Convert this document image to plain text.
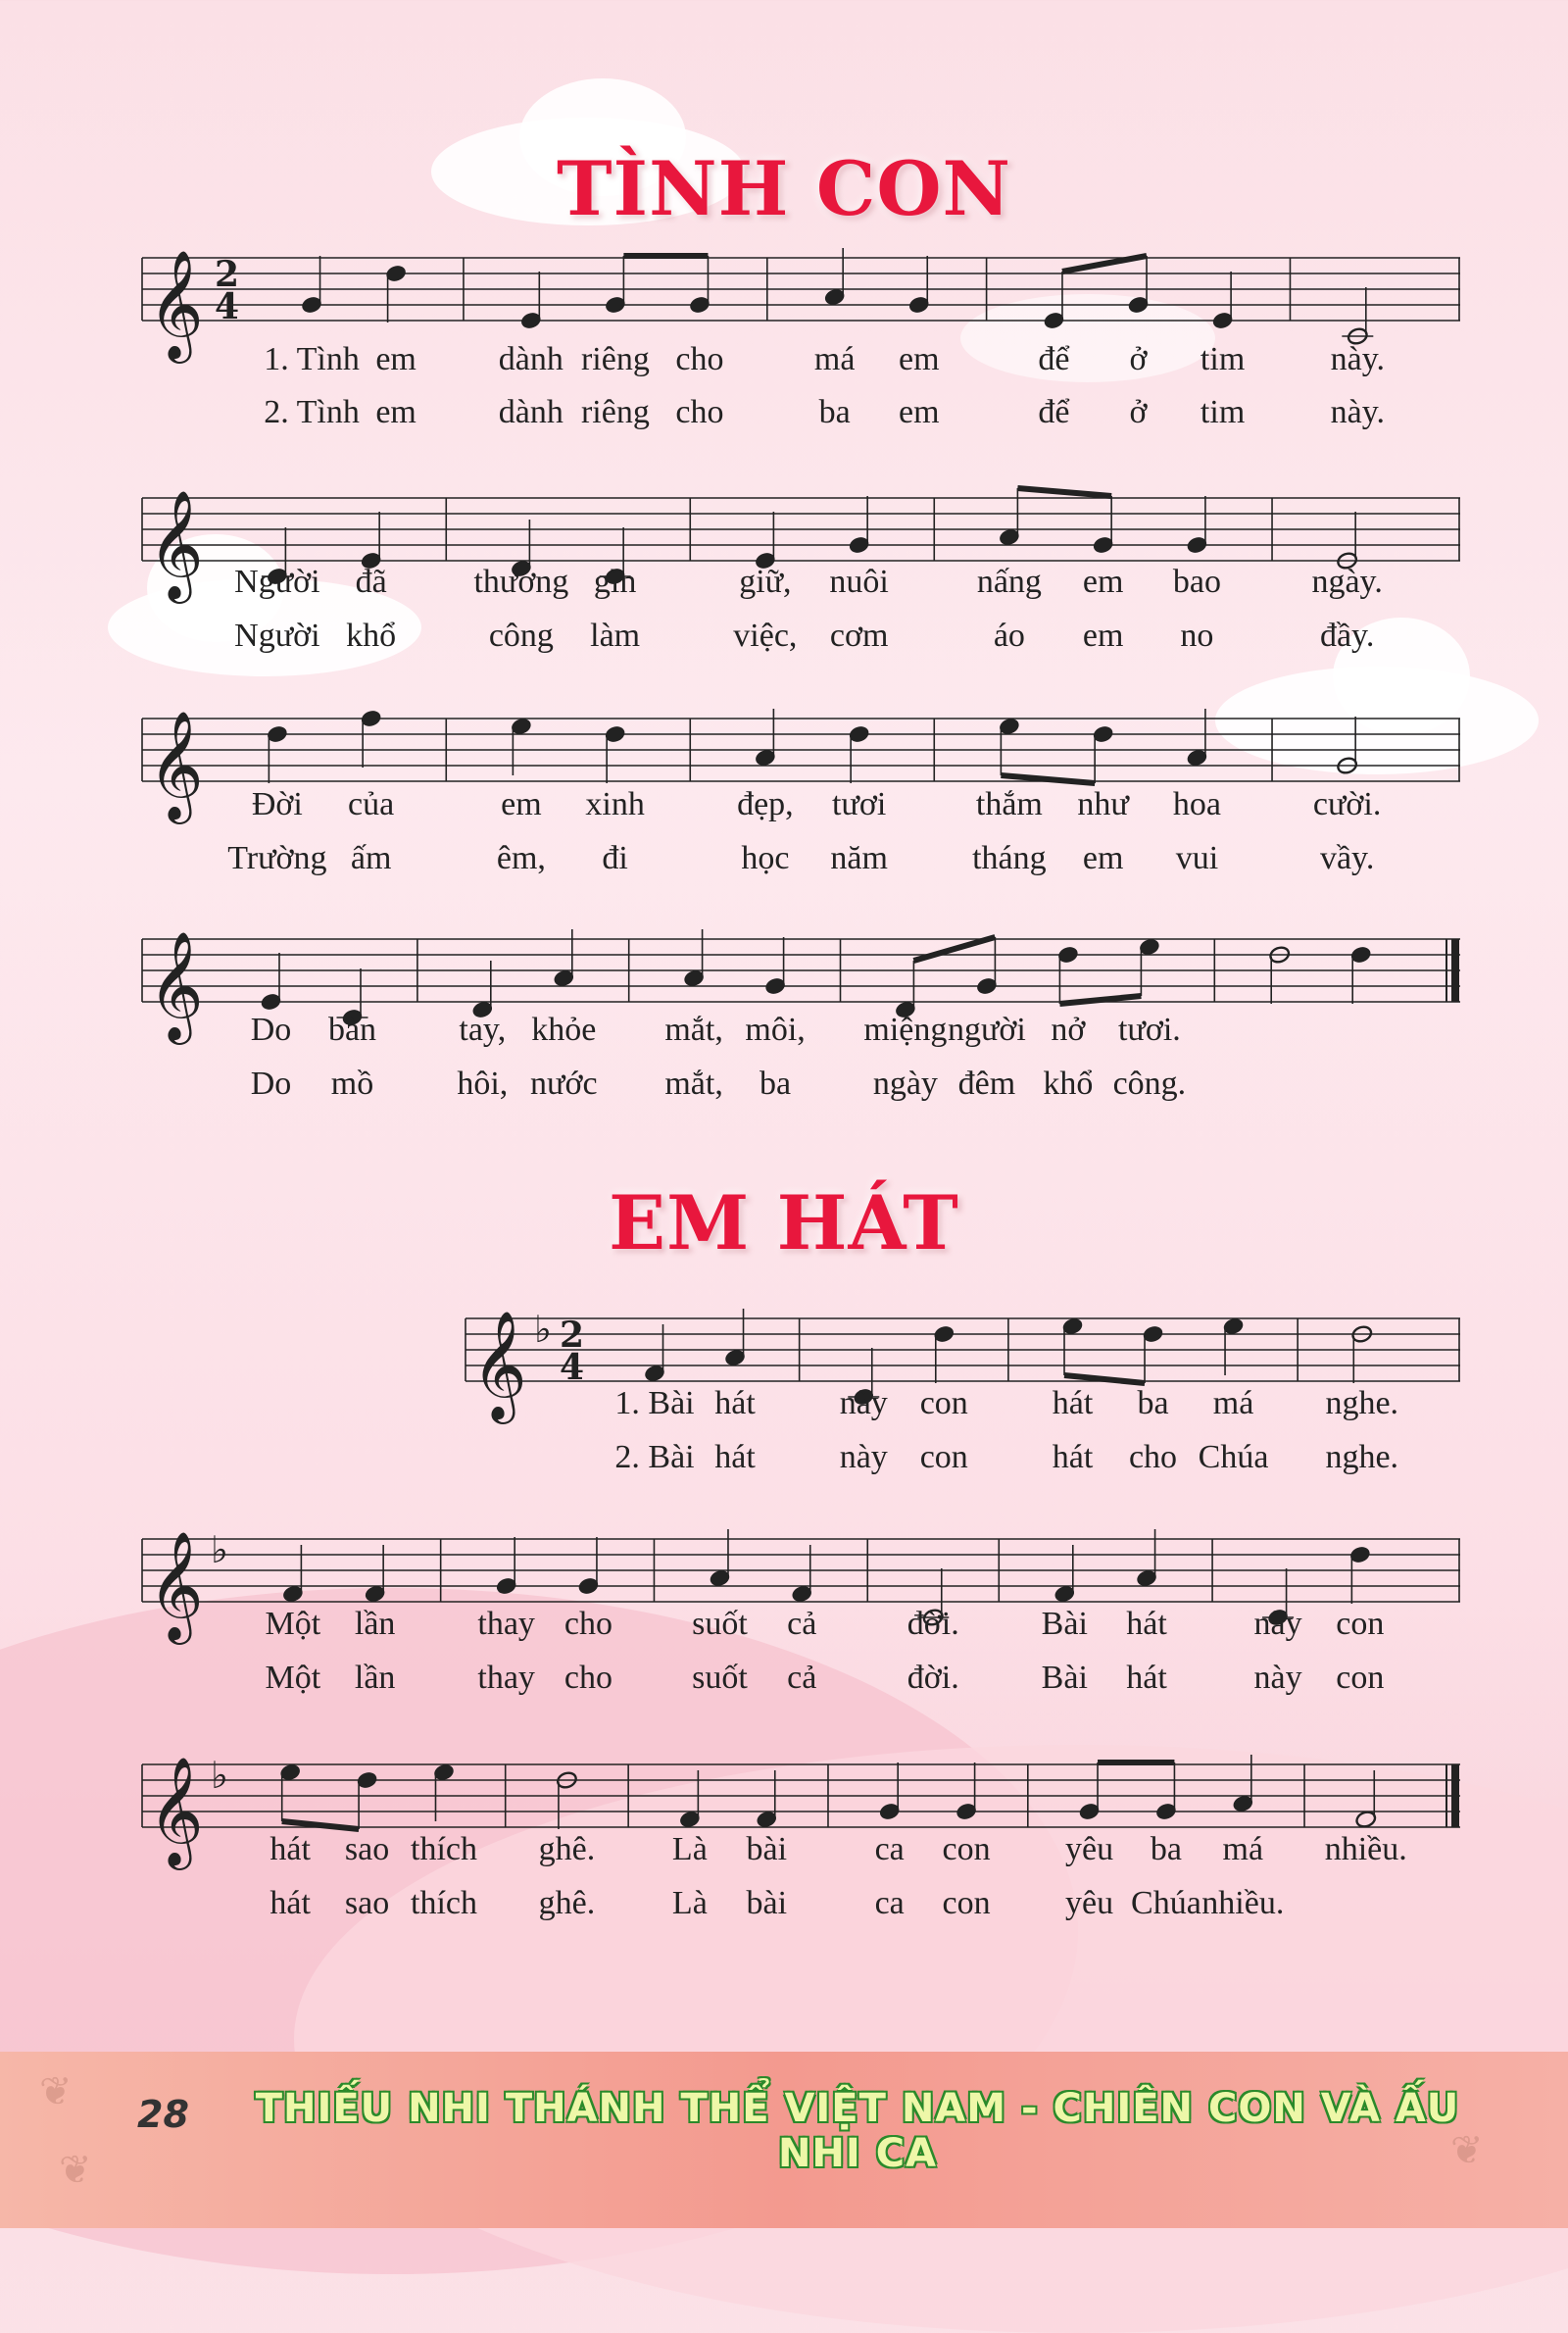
TÌNH CON
EM HÁT
𝄞 2
4
1. Tình em dành riêng cho	má em	để ở tim	này.
2. Tình em dành riêng cho	ba em	để ở tim	này.
𝄞 Người đã	thương gìn	giữ, nuôi	nấng em bao	ngày.
Người khổ	công làm	việc, cơm	áo em no	đầy.
𝄞 Đời của	em xinh	đẹp, tươi	thắm như hoa	cười.
Trường ấm	êm, đi	học năm	tháng em vui	vầy.
𝄞 Do bàn tay, khỏe mắt, môi, miệng người nở tươi.
Do mồ	hôi, nước mắt, ba ngày đêm khổ công.
𝄞 ♭ 2
4
1. Bài hát	này con	hát ba má nghe.
2. Bài hát	này con	hát cho Chúa nghe.
𝄞 ♭
Một lần thay cho suốt cả	đời. Bài hát	này con
Một lần thay cho suốt cả	đời. Bài hát	này con
𝄞 ♭
hát sao thích ghê. Là bài	ca con yêu ba má nhiều.
hát sao thích ghê. Là bài	ca con yêu Chúa nhiều.
❦
❦	❦
28 THIẾU NHI THÁNH THỂ VIỆT NAM - CHIÊN CON VÀ ẤU NHI CA
